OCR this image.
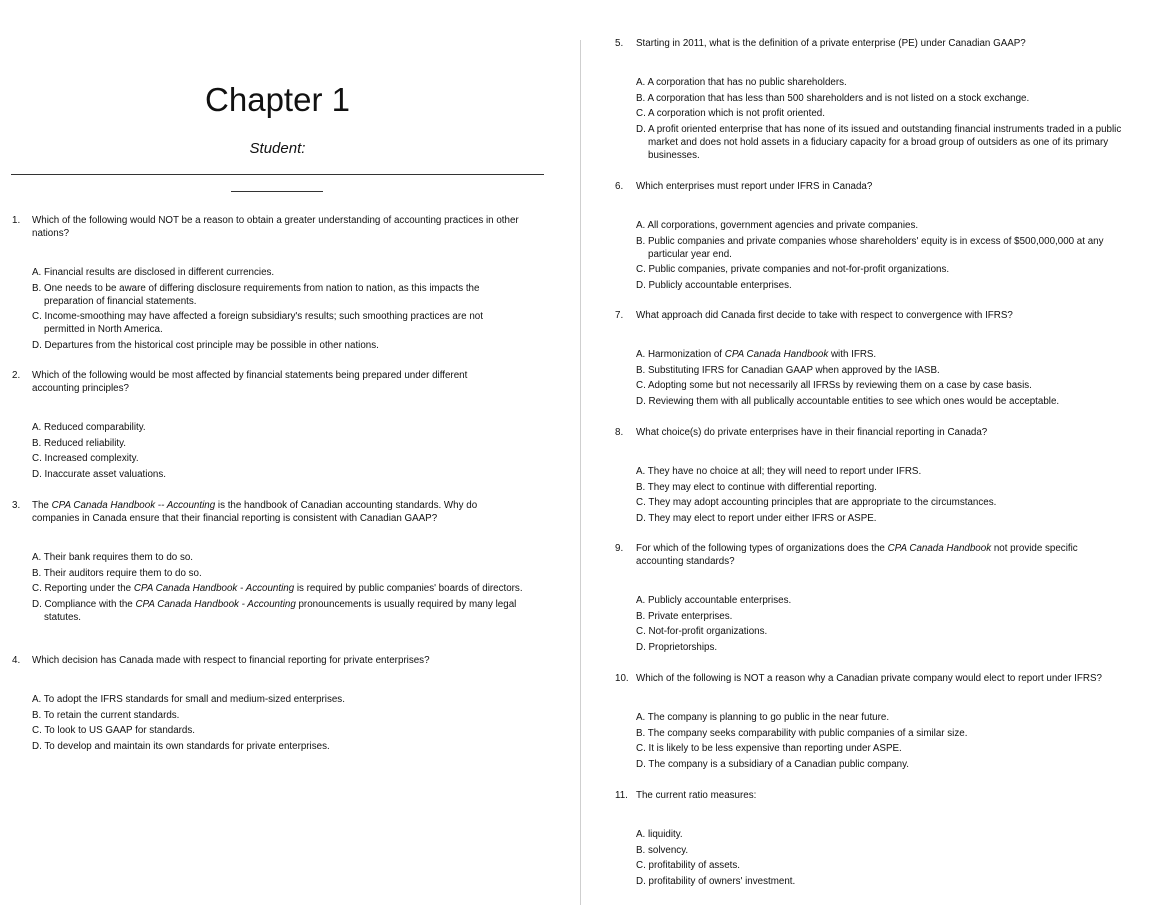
Chapter 1
Student:
1. Which of the following would NOT be a reason to obtain a greater understanding of accounting practices in other nations?
A. Financial results are disclosed in different currencies.
B. One needs to be aware of differing disclosure requirements from nation to nation, as this impacts the preparation of financial statements.
C. Income-smoothing may have affected a foreign subsidiary's results; such smoothing practices are not permitted in North America.
D. Departures from the historical cost principle may be possible in other nations.
2. Which of the following would be most affected by financial statements being prepared under different accounting principles?
A. Reduced comparability.
B. Reduced reliability.
C. Increased complexity.
D. Inaccurate asset valuations.
3. The CPA Canada Handbook -- Accounting is the handbook of Canadian accounting standards. Why do companies in Canada ensure that their financial reporting is consistent with Canadian GAAP?
A. Their bank requires them to do so.
B. Their auditors require them to do so.
C. Reporting under the CPA Canada Handbook - Accounting is required by public companies' boards of directors.
D. Compliance with the CPA Canada Handbook - Accounting pronouncements is usually required by many legal statutes.
4. Which decision has Canada made with respect to financial reporting for private enterprises?
A. To adopt the IFRS standards for small and medium-sized enterprises.
B. To retain the current standards.
C. To look to US GAAP for standards.
D. To develop and maintain its own standards for private enterprises.
5. Starting in 2011, what is the definition of a private enterprise (PE) under Canadian GAAP?
A. A corporation that has no public shareholders.
B. A corporation that has less than 500 shareholders and is not listed on a stock exchange.
C. A corporation which is not profit oriented.
D. A profit oriented enterprise that has none of its issued and outstanding financial instruments traded in a public market and does not hold assets in a fiduciary capacity for a broad group of outsiders as one of its primary businesses.
6. Which enterprises must report under IFRS in Canada?
A. All corporations, government agencies and private companies.
B. Public companies and private companies whose shareholders' equity is in excess of $500,000,000 at any particular year end.
C. Public companies, private companies and not-for-profit organizations.
D. Publicly accountable enterprises.
7. What approach did Canada first decide to take with respect to convergence with IFRS?
A. Harmonization of CPA Canada Handbook with IFRS.
B. Substituting IFRS for Canadian GAAP when approved by the IASB.
C. Adopting some but not necessarily all IFRSs by reviewing them on a case by case basis.
D. Reviewing them with all publically accountable entities to see which ones would be acceptable.
8. What choice(s) do private enterprises have in their financial reporting in Canada?
A. They have no choice at all; they will need to report under IFRS.
B. They may elect to continue with differential reporting.
C. They may adopt accounting principles that are appropriate to the circumstances.
D. They may elect to report under either IFRS or ASPE.
9. For which of the following types of organizations does the CPA Canada Handbook not provide specific accounting standards?
A. Publicly accountable enterprises.
B. Private enterprises.
C. Not-for-profit organizations.
D. Proprietorships.
10. Which of the following is NOT a reason why a Canadian private company would elect to report under IFRS?
A. The company is planning to go public in the near future.
B. The company seeks comparability with public companies of a similar size.
C. It is likely to be less expensive than reporting under ASPE.
D. The company is a subsidiary of a Canadian public company.
11. The current ratio measures:
A. liquidity.
B. solvency.
C. profitability of assets.
D. profitability of owners' investment.
